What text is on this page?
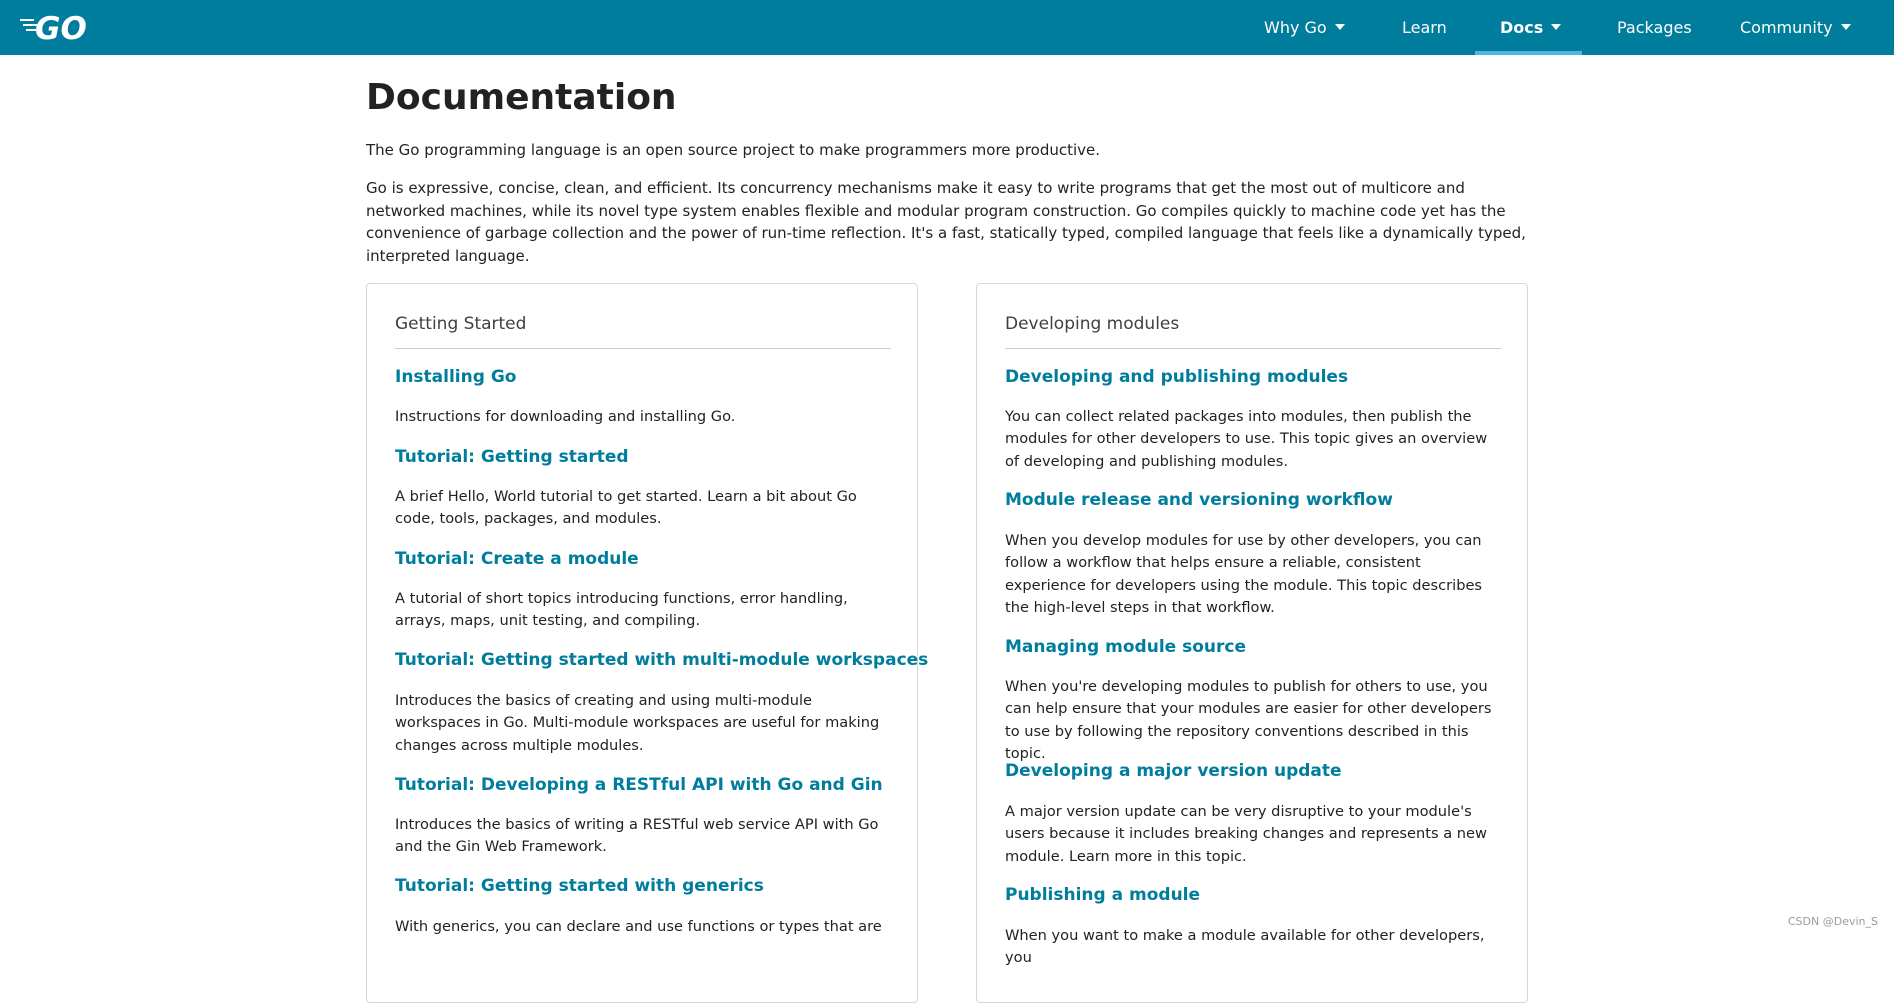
GO	Why Go	Learn	Docs	Packages	Community
Documentation

The Go programming language is an open source project to make programmers more productive.

Go is expressive, concise, clean, and efficient. Its concurrency mechanisms make it easy to write programs that get the most out of multicore and networked machines, while its novel type system enables flexible and modular program construction. Go compiles quickly to machine code yet has the convenience of garbage collection and the power of run-time reflection. It's a fast, statically typed, compiled language that feels like a dynamically typed, interpreted language.

Getting Started
Installing Go

Instructions for downloading and installing Go.

Tutorial: Getting started

A brief Hello, World tutorial to get started. Learn a bit about Go code, tools, packages, and modules.

Tutorial: Create a module

A tutorial of short topics introducing functions, error handling, arrays, maps, unit testing, and compiling.

Tutorial: Getting started with multi-module workspaces

Introduces the basics of creating and using multi-module workspaces in Go. Multi-module workspaces are useful for making changes across multiple modules.

Tutorial: Developing a RESTful API with Go and Gin

Introduces the basics of writing a RESTful web service API with Go and the Gin Web Framework.

Tutorial: Getting started with generics

With generics, you can declare and use functions or types that are

Developing modules
Developing and publishing modules

You can collect related packages into modules, then publish the modules for other developers to use. This topic gives an overview of developing and publishing modules.

Module release and versioning workflow

When you develop modules for use by other developers, you can follow a workflow that helps ensure a reliable, consistent experience for developers using the module. This topic describes the high-level steps in that workflow.

Managing module source

When you're developing modules to publish for others to use, you can help ensure that your modules are easier for other developers to use by following the repository conventions described in this topic.

Developing a major version update

A major version update can be very disruptive to your module's users because it includes breaking changes and represents a new module. Learn more in this topic.

Publishing a module

When you want to make a module available for other developers, you

CSDN @Devin_S
